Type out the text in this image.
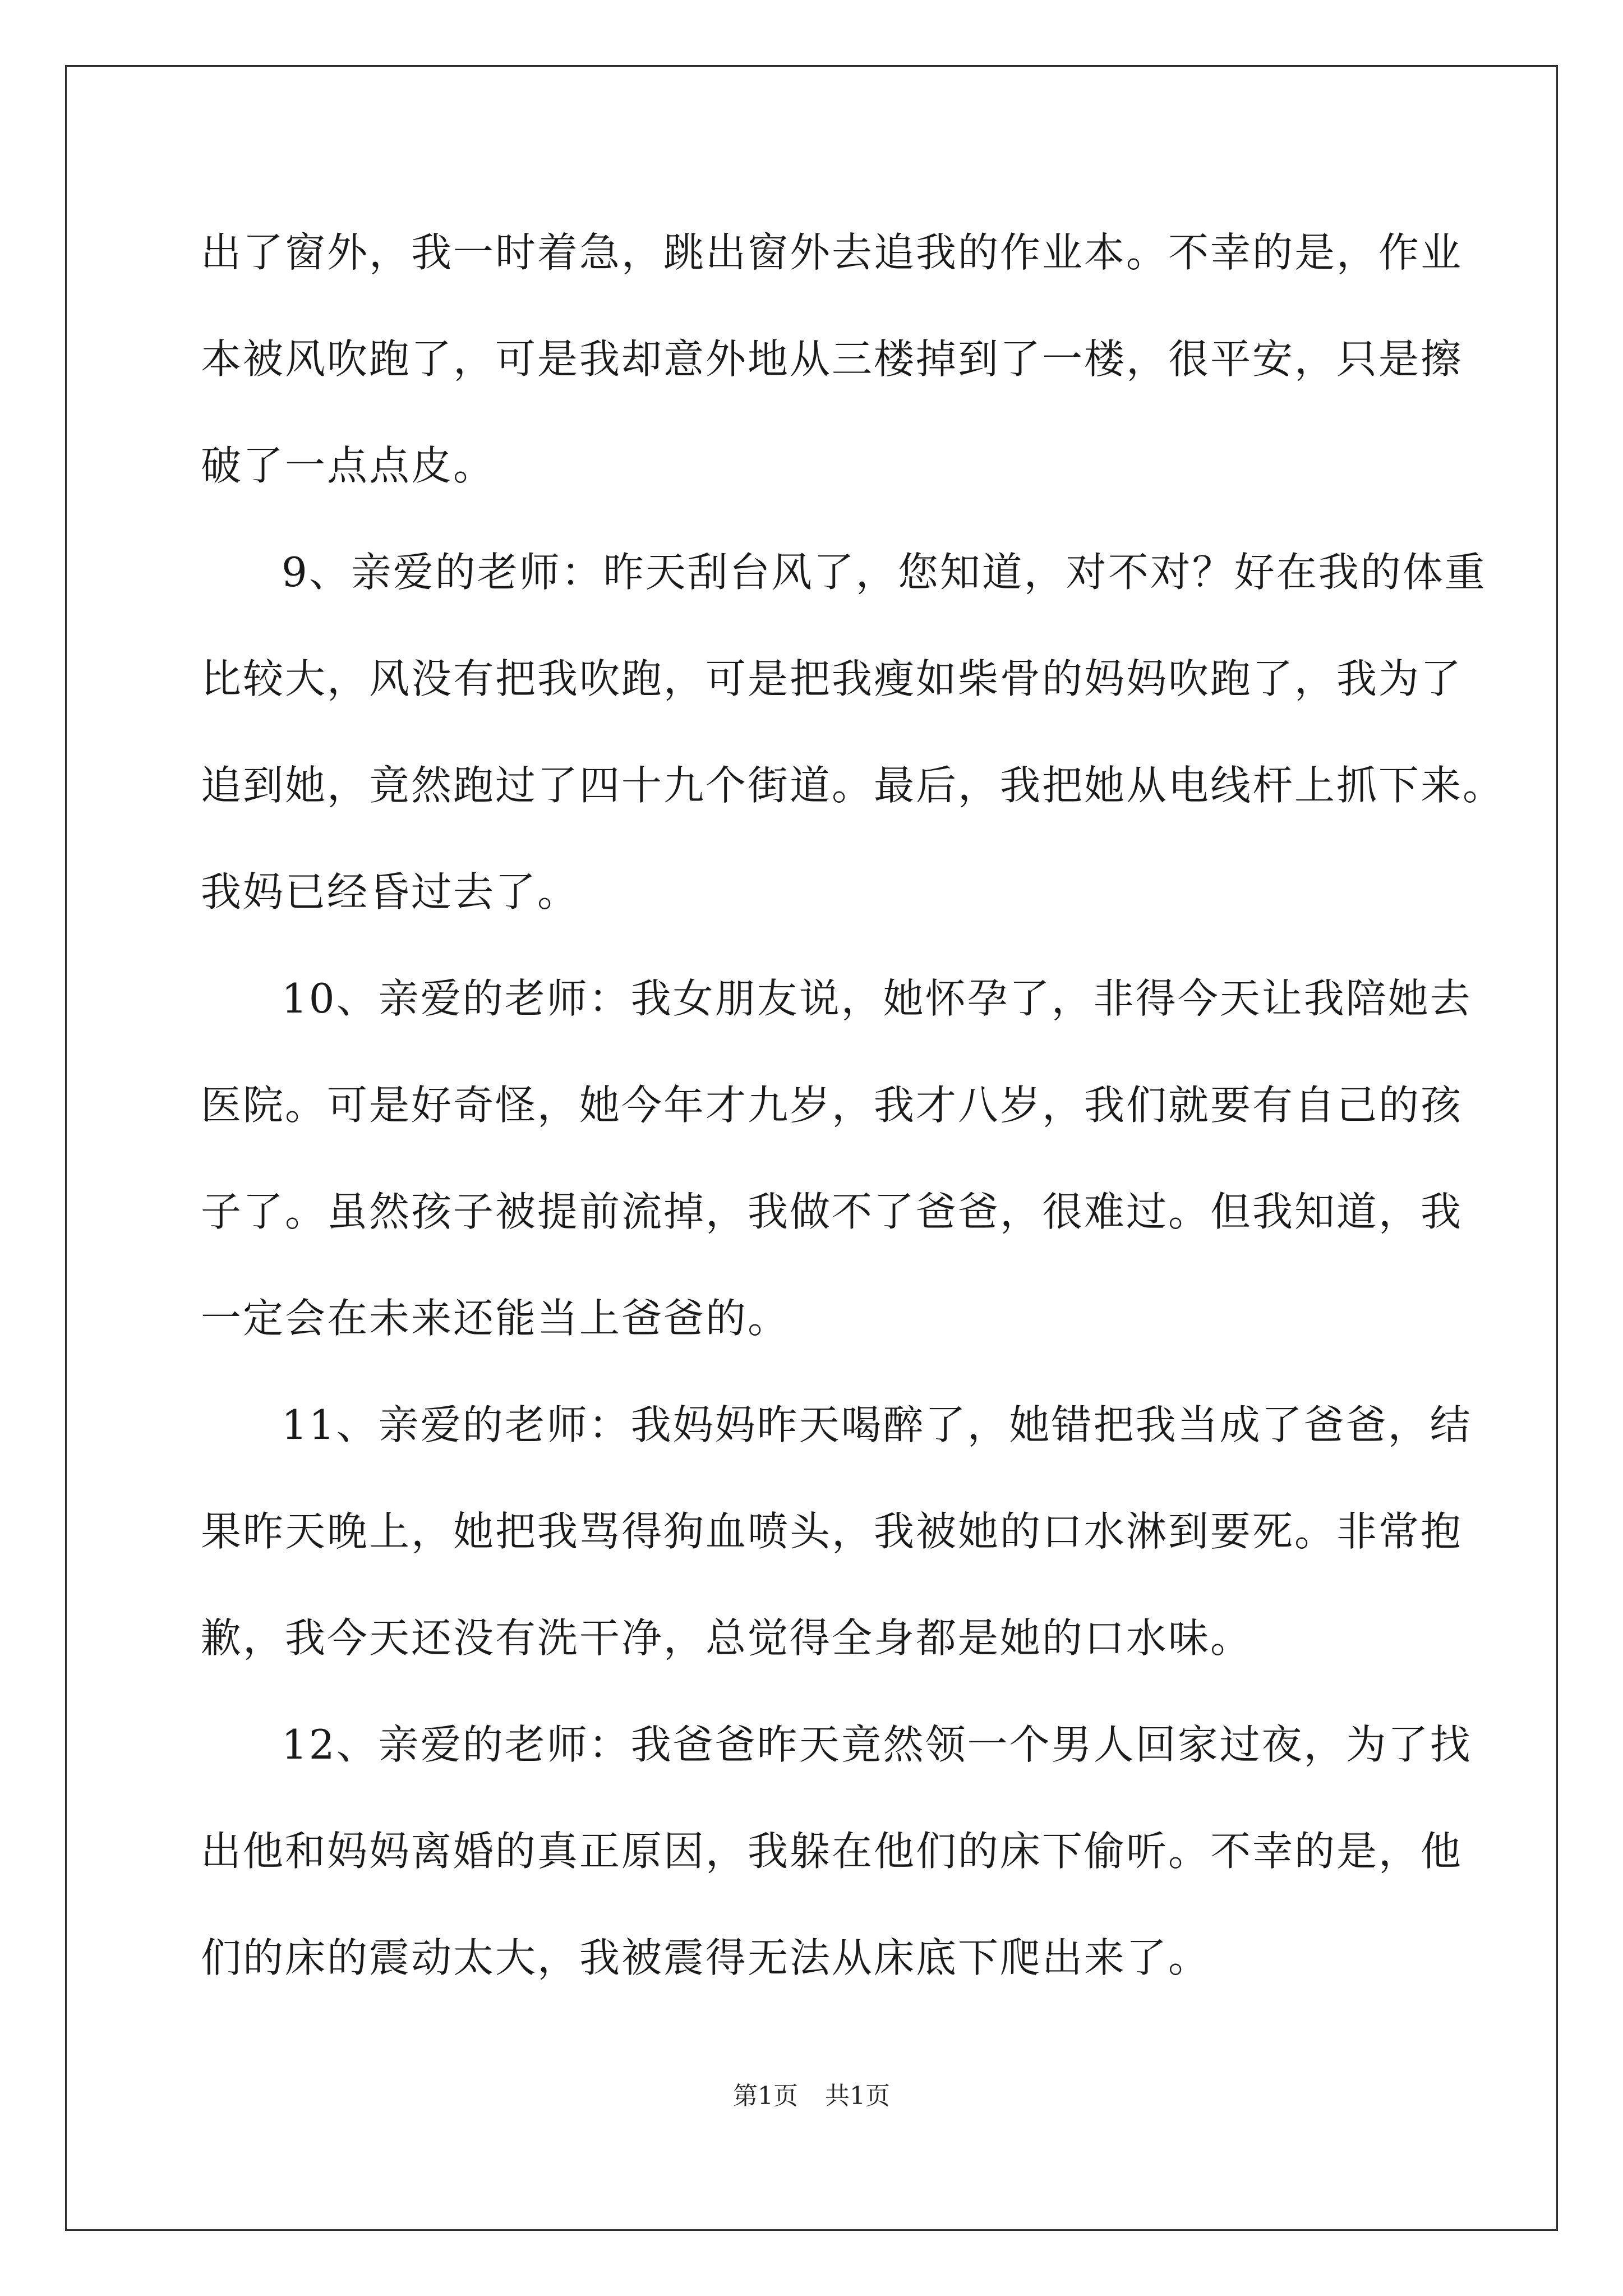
出了窗外，我一时着急，跳出窗外去追我的作业本。不幸的是，作业
本被风吹跑了，可是我却意外地从三楼掉到了一楼，很平安，只是擦
破了一点点皮。
9、亲爱的老师：昨天刮台风了，您知道，对不对？好在我的体重
比较大，风没有把我吹跑，可是把我瘦如柴骨的妈妈吹跑了，我为了
追到她，竟然跑过了四十九个街道。最后，我把她从电线杆上抓下来。
我妈已经昏过去了。
10、亲爱的老师：我女朋友说，她怀孕了，非得今天让我陪她去
医院。可是好奇怪，她今年才九岁，我才八岁，我们就要有自己的孩
子了。虽然孩子被提前流掉，我做不了爸爸，很难过。但我知道，我
一定会在未来还能当上爸爸的。
11、亲爱的老师：我妈妈昨天喝醉了，她错把我当成了爸爸，结
果昨天晚上，她把我骂得狗血喷头，我被她的口水淋到要死。非常抱
歉，我今天还没有洗干净，总觉得全身都是她的口水味。
12、亲爱的老师：我爸爸昨天竟然领一个男人回家过夜，为了找
出他和妈妈离婚的真正原因，我躲在他们的床下偷听。不幸的是，他
们的床的震动太大，我被震得无法从床底下爬出来了。
第1页 共1页
